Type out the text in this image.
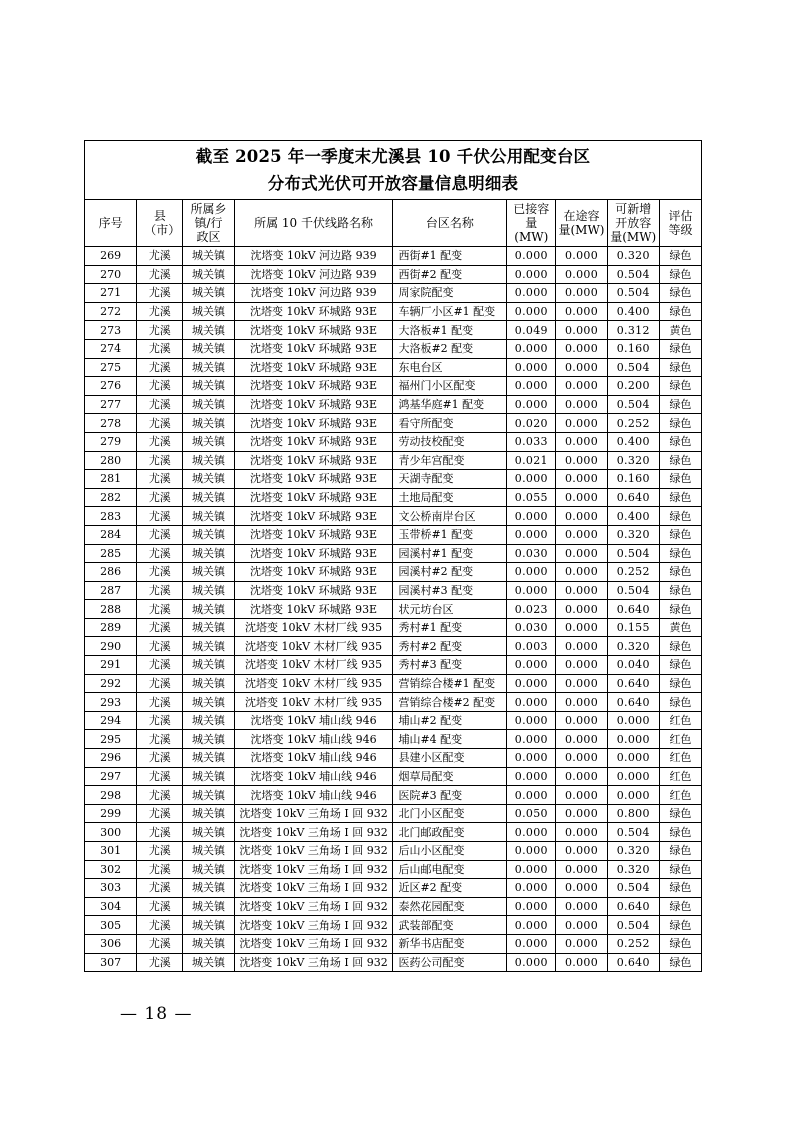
截至 2025 年一季度末尤溪县 10 千伏公用配变台区
分布式光伏可开放容量信息明细表								

序号	县（市）	所属乡镇/行政区	所属 10 千伏线路名称	台区名称	已接容量(MW)	在途容量(MW)	可新增开放容量(MW)	评估等级
269	尤溪	城关镇	沈塔变 10kV 河边路 939	西街#1 配变	0.000	0.000	0.320	绿色
270	尤溪	城关镇	沈塔变 10kV 河边路 939	西街#2 配变	0.000	0.000	0.504	绿色
271	尤溪	城关镇	沈塔变 10kV 河边路 939	周家院配变	0.000	0.000	0.504	绿色
272	尤溪	城关镇	沈塔变 10kV 环城路 93E	车辆厂小区#1 配变	0.000	0.000	0.400	绿色
273	尤溪	城关镇	沈塔变 10kV 环城路 93E	大洛板#1 配变	0.049	0.000	0.312	黄色
274	尤溪	城关镇	沈塔变 10kV 环城路 93E	大洛板#2 配变	0.000	0.000	0.160	绿色
275	尤溪	城关镇	沈塔变 10kV 环城路 93E	东电台区	0.000	0.000	0.504	绿色
276	尤溪	城关镇	沈塔变 10kV 环城路 93E	福州门小区配变	0.000	0.000	0.200	绿色
277	尤溪	城关镇	沈塔变 10kV 环城路 93E	鸿基华庭#1 配变	0.000	0.000	0.504	绿色
278	尤溪	城关镇	沈塔变 10kV 环城路 93E	看守所配变	0.020	0.000	0.252	绿色
279	尤溪	城关镇	沈塔变 10kV 环城路 93E	劳动技校配变	0.033	0.000	0.400	绿色
280	尤溪	城关镇	沈塔变 10kV 环城路 93E	青少年宫配变	0.021	0.000	0.320	绿色
281	尤溪	城关镇	沈塔变 10kV 环城路 93E	天湖寺配变	0.000	0.000	0.160	绿色
282	尤溪	城关镇	沈塔变 10kV 环城路 93E	土地局配变	0.055	0.000	0.640	绿色
283	尤溪	城关镇	沈塔变 10kV 环城路 93E	文公桥南岸台区	0.000	0.000	0.400	绿色
284	尤溪	城关镇	沈塔变 10kV 环城路 93E	玉带桥#1 配变	0.000	0.000	0.320	绿色
285	尤溪	城关镇	沈塔变 10kV 环城路 93E	园溪村#1 配变	0.030	0.000	0.504	绿色
286	尤溪	城关镇	沈塔变 10kV 环城路 93E	园溪村#2 配变	0.000	0.000	0.252	绿色
287	尤溪	城关镇	沈塔变 10kV 环城路 93E	园溪村#3 配变	0.000	0.000	0.504	绿色
288	尤溪	城关镇	沈塔变 10kV 环城路 93E	状元坊台区	0.023	0.000	0.640	绿色
289	尤溪	城关镇	沈塔变 10kV 木材厂线 935	秀村#1 配变	0.030	0.000	0.155	黄色
290	尤溪	城关镇	沈塔变 10kV 木材厂线 935	秀村#2 配变	0.003	0.000	0.320	绿色
291	尤溪	城关镇	沈塔变 10kV 木材厂线 935	秀村#3 配变	0.000	0.000	0.040	绿色
292	尤溪	城关镇	沈塔变 10kV 木材厂线 935	营销综合楼#1 配变	0.000	0.000	0.640	绿色
293	尤溪	城关镇	沈塔变 10kV 木材厂线 935	营销综合楼#2 配变	0.000	0.000	0.640	绿色
294	尤溪	城关镇	沈塔变 10kV 埔山线 946	埔山#2 配变	0.000	0.000	0.000	红色
295	尤溪	城关镇	沈塔变 10kV 埔山线 946	埔山#4 配变	0.000	0.000	0.000	红色
296	尤溪	城关镇	沈塔变 10kV 埔山线 946	县建小区配变	0.000	0.000	0.000	红色
297	尤溪	城关镇	沈塔变 10kV 埔山线 946	烟草局配变	0.000	0.000	0.000	红色
298	尤溪	城关镇	沈塔变 10kV 埔山线 946	医院#3 配变	0.000	0.000	0.000	红色
299	尤溪	城关镇	沈塔变 10kV 三角场 I 回 932	北门小区配变	0.050	0.000	0.800	绿色
300	尤溪	城关镇	沈塔变 10kV 三角场 I 回 932	北门邮政配变	0.000	0.000	0.504	绿色
301	尤溪	城关镇	沈塔变 10kV 三角场 I 回 932	后山小区配变	0.000	0.000	0.320	绿色
302	尤溪	城关镇	沈塔变 10kV 三角场 I 回 932	后山邮电配变	0.000	0.000	0.320	绿色
303	尤溪	城关镇	沈塔变 10kV 三角场 I 回 932	近区#2 配变	0.000	0.000	0.504	绿色
304	尤溪	城关镇	沈塔变 10kV 三角场 I 回 932	泰然花园配变	0.000	0.000	0.640	绿色
305	尤溪	城关镇	沈塔变 10kV 三角场 I 回 932	武装部配变	0.000	0.000	0.504	绿色
306	尤溪	城关镇	沈塔变 10kV 三角场 I 回 932	新华书店配变	0.000	0.000	0.252	绿色
307	尤溪	城关镇	沈塔变 10kV 三角场 I 回 932	医药公司配变	0.000	0.000	0.640	绿色
— 18 —
